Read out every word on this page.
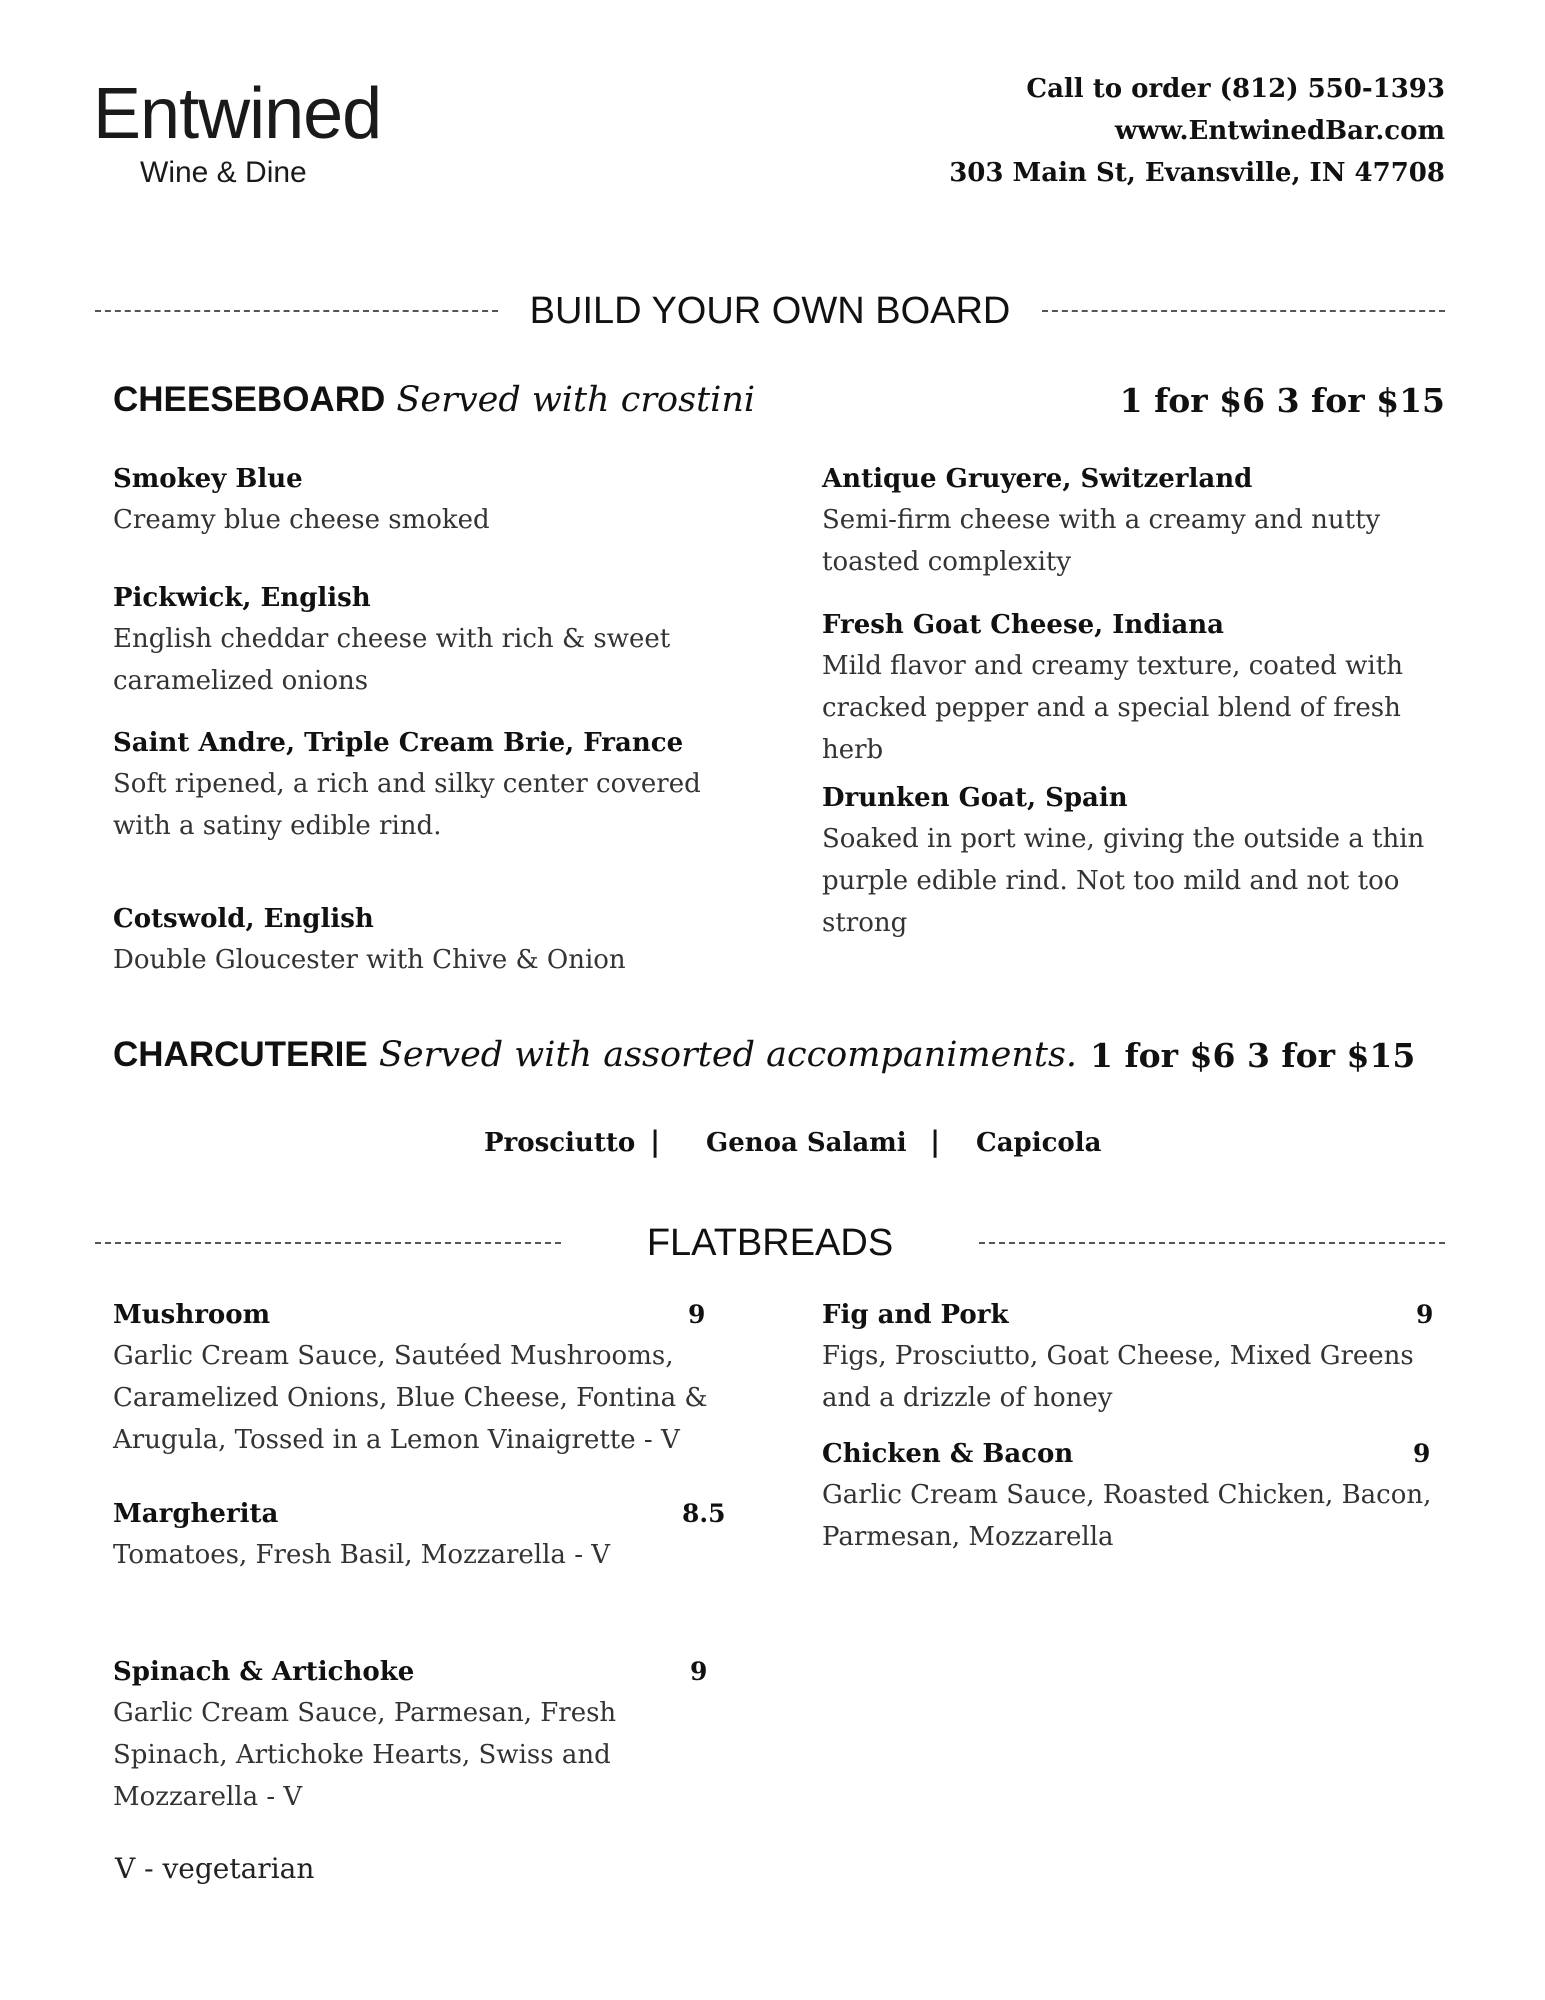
Entwined
Wine & Dine
Call to order (812) 550-1393
www.EntwinedBar.com
303 Main St, Evansville, IN 47708
BUILD YOUR OWN BOARD
CHEESEBOARD Served with crostini	1 for $6 3 for $15
Smokey Blue
Creamy blue cheese smoked
Pickwick, English
English cheddar cheese with rich & sweet caramelized onions
Saint Andre, Triple Cream Brie, France
Soft ripened, a rich and silky center covered with a satiny edible rind.
Cotswold, English
Double Gloucester with Chive & Onion
Antique Gruyere, Switzerland
Semi-firm cheese with a creamy and nutty toasted complexity
Fresh Goat Cheese, Indiana
Mild flavor and creamy texture, coated with cracked pepper and a special blend of fresh herb
Drunken Goat, Spain
Soaked in port wine, giving the outside a thin purple edible rind. Not too mild and not too strong
CHARCUTERIE Served with assorted accompaniments. 1 for $6 3 for $15
Prosciutto | Genoa Salami | Capicola
FLATBREADS
Mushroom	9
Garlic Cream Sauce, Sautéed Mushrooms, Caramelized Onions, Blue Cheese, Fontina & Arugula, Tossed in a Lemon Vinaigrette - V
Margherita	8.5
Tomatoes, Fresh Basil, Mozzarella - V
Spinach & Artichoke	9
Garlic Cream Sauce, Parmesan, Fresh Spinach, Artichoke Hearts, Swiss and Mozzarella - V
Fig and Pork	9
Figs, Prosciutto, Goat Cheese, Mixed Greens and a drizzle of honey
Chicken & Bacon	9
Garlic Cream Sauce, Roasted Chicken, Bacon, Parmesan, Mozzarella
V - vegetarian
